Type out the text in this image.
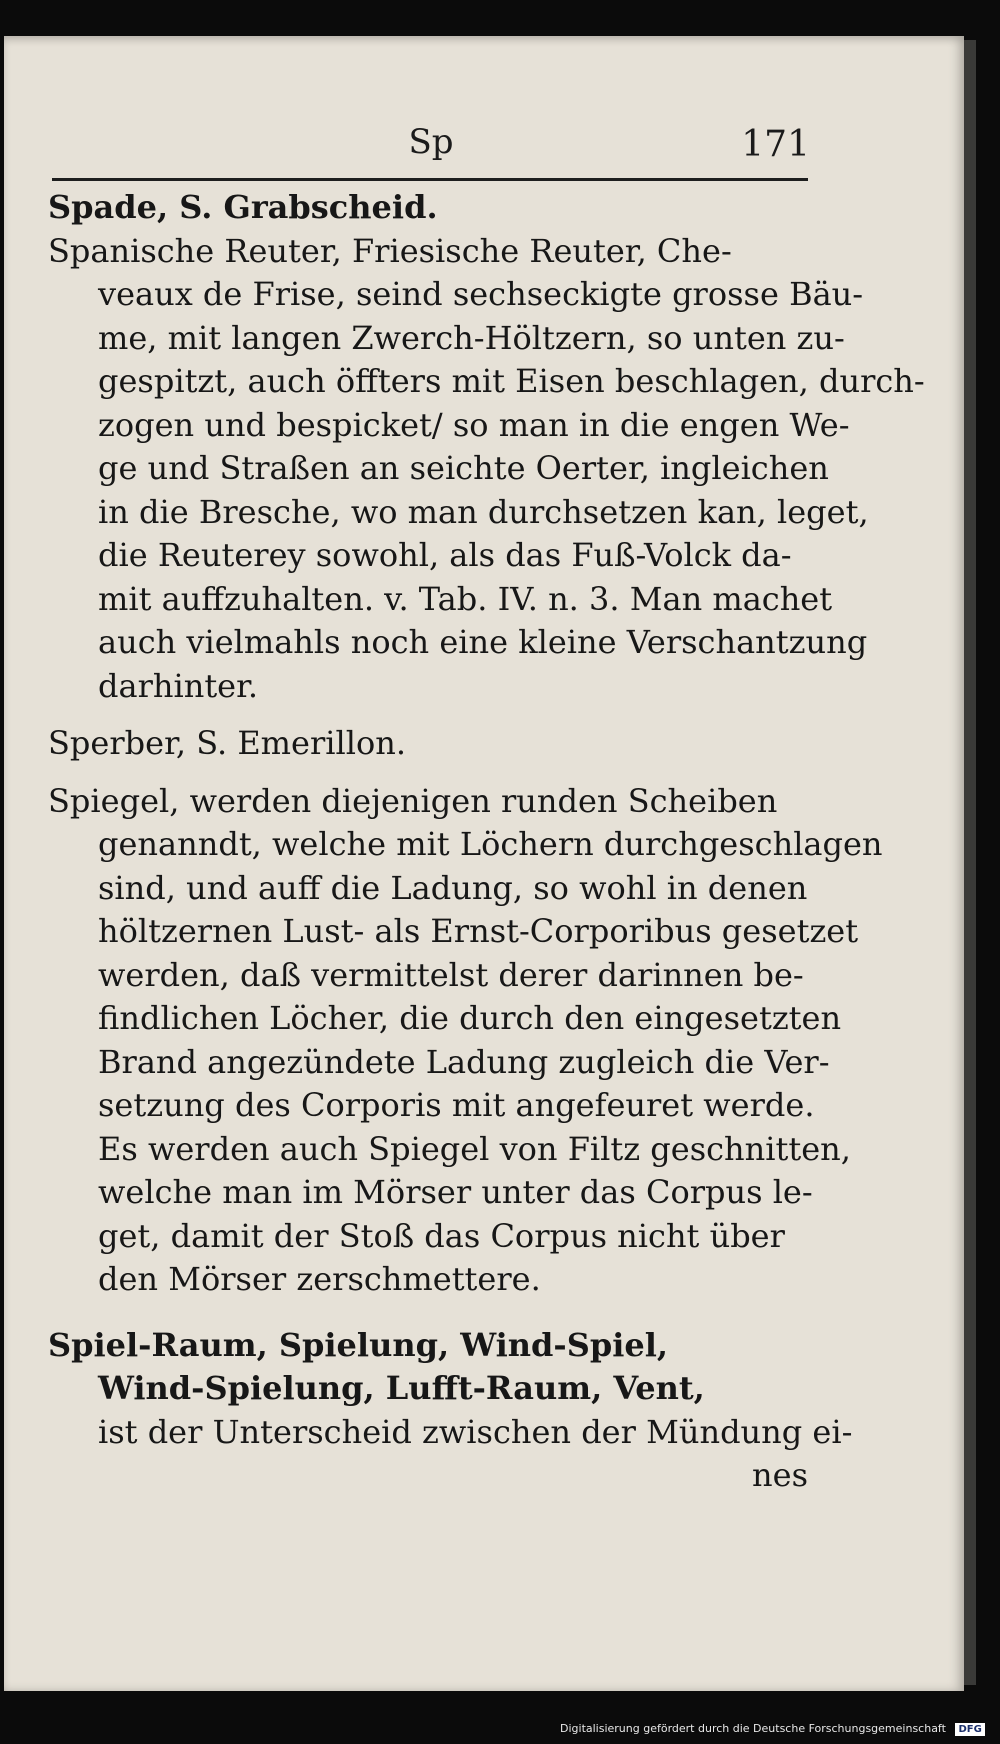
Sp	171
Spade, S. Grabscheid.
Spanische Reuter, Friesische Reuter, Che-
veaux de Frise, seind sechseckigte grosse Bäu-
me, mit langen Zwerch-Höltzern, so unten zu-
gespitzt, auch öffters mit Eisen beschlagen, durch-
zogen und bespicket/ so man in die engen We-
ge und Straßen an seichte Oerter, ingleichen
in die Bresche, wo man durchsetzen kan, leget,
die Reuterey sowohl, als das Fuß-Volck da-
mit auffzuhalten. v. Tab. IV. n. 3. Man machet
auch vielmahls noch eine kleine Verschantzung
darhinter.
Sperber, S. Emerillon.
Spiegel, werden diejenigen runden Scheiben
genanndt, welche mit Löchern durchgeschlagen
sind, und auff die Ladung, so wohl in denen
höltzernen Lust- als Ernst-Corporibus gesetzet
werden, daß vermittelst derer darinnen be-
findlichen Löcher, die durch den eingesetzten
Brand angezündete Ladung zugleich die Ver-
setzung des Corporis mit angefeuret werde.
Es werden auch Spiegel von Filtz geschnitten,
welche man im Mörser unter das Corpus le-
get, damit der Stoß das Corpus nicht über
den Mörser zerschmettere.
Spiel-Raum, Spielung, Wind-Spiel,
Wind-Spielung, Lufft-Raum, Vent,
ist der Unterscheid zwischen der Mündung ei-
nes
Digitalisierung gefördert durch die Deutsche Forschungsgemeinschaft DFG
